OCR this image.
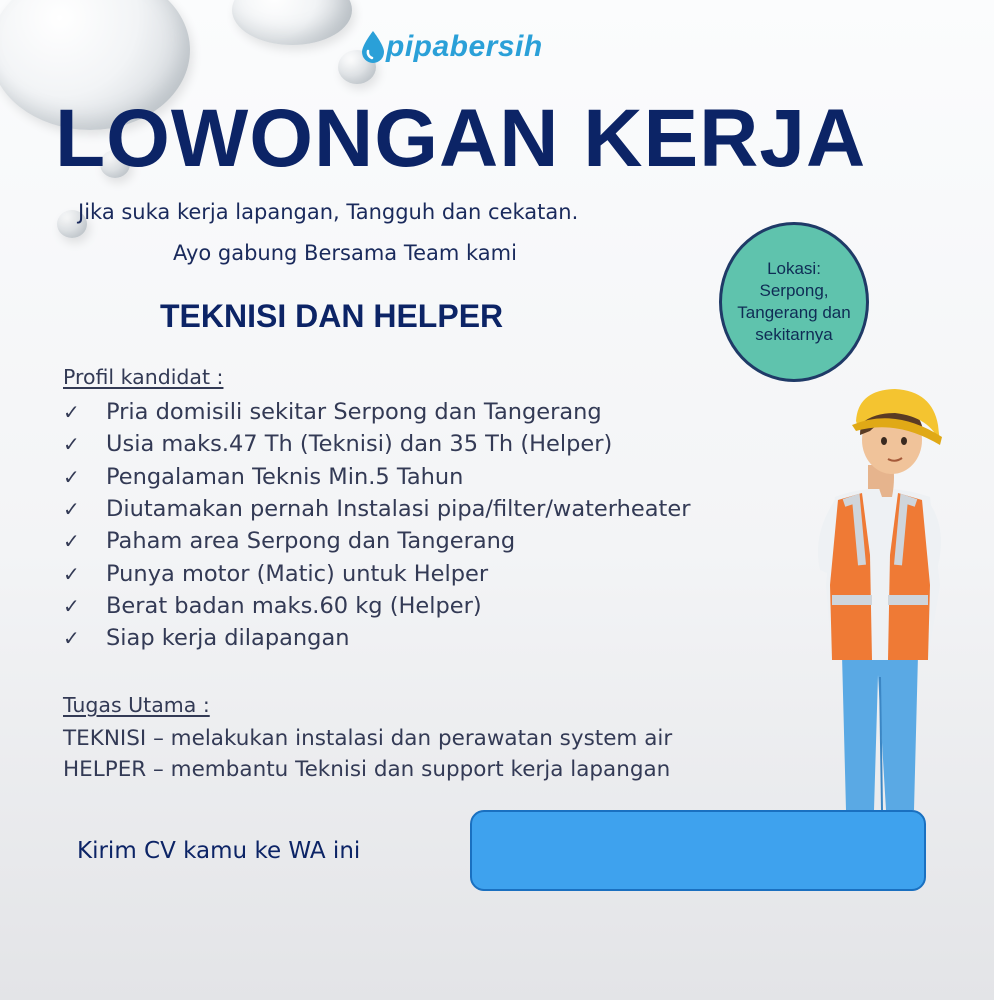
pipabersih
LOWONGAN KERJA
Jika suka kerja lapangan, Tangguh dan cekatan.
Ayo gabung Bersama Team kami
TEKNISI DAN HELPER
Lokasi:
Serpong,
Tangerang dan
sekitarnya
Profil kandidat :
✓	Pria domisili sekitar Serpong dan Tangerang
✓	Usia maks.47 Th (Teknisi) dan 35 Th (Helper)
✓	Pengalaman Teknis Min.5 Tahun
✓	Diutamakan pernah Instalasi pipa/filter/waterheater
✓	Paham area Serpong dan Tangerang
✓	Punya motor (Matic) untuk Helper
✓	Berat badan maks.60 kg (Helper)
✓	Siap kerja dilapangan
Tugas Utama :
TEKNISI – melakukan instalasi dan perawatan system air
HELPER – membantu Teknisi dan support kerja lapangan
Kirim CV kamu ke WA ini
